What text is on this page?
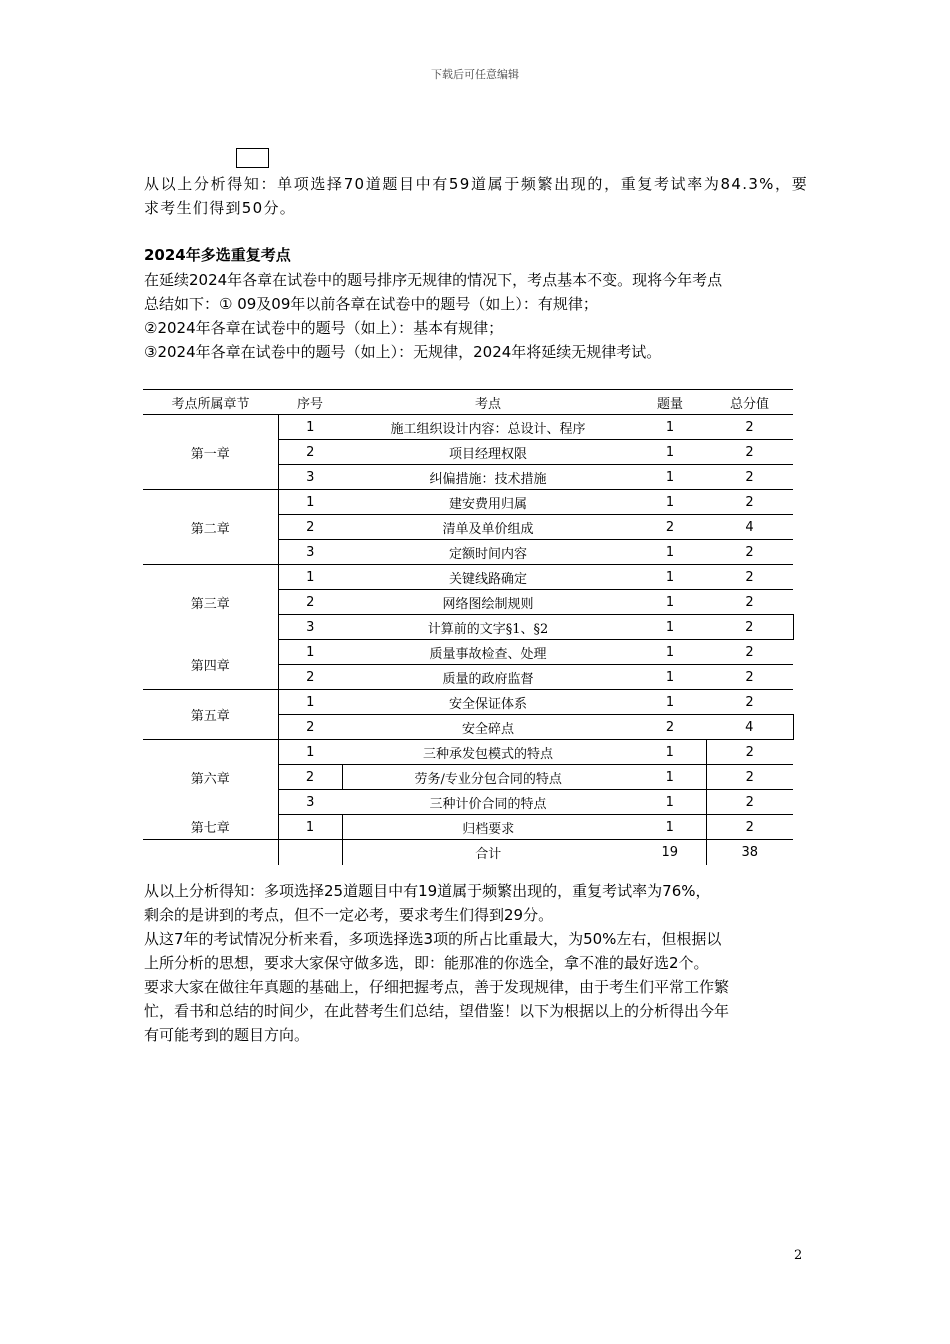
下载后可任意编辑

从以上分析得知：单项选择70道题目中有59道属于频繁出现的，重复考试率为84.3%，要求考生们得到50分。

2024年多选重复考点
在延续2024年各章在试卷中的题号排序无规律的情况下，考点基本不变。现将今年考点
总结如下：① 09及09年以前各章在试卷中的题号（如上）：有规律；
②2024年各章在试卷中的题号（如上）：基本有规律；
③2024年各章在试卷中的题号（如上）：无规律，2024年将延续无规律考试。
考点所属章节	序号	考点	题量	总分值
第一章	1	施工组织设计内容：总设计、程序	1	2
	2	项目经理权限	1	2
	3	纠偏措施：技术措施	1	2
第二章	1	建安费用归属	1	2
	2	清单及单价组成	2	4
	3	定额时间内容	1	2
第三章	1	关键线路确定	1	2
	2	网络图绘制规则	1	2
	3	计算前的文字§1、§2	1	2
第四章	1	质量事故检查、处理	1	2
	2	质量的政府监督	1	2
第五章	1	安全保证体系	1	2
	2	安全碎点	2	4
第六章	1	三种承发包模式的特点	1	2
	2	劳务/专业分包合同的特点	1	2
	3	三种计价合同的特点	1	2
第七章	1	归档要求	1	2
		合计	19	38
从以上分析得知：多项选择25道题目中有19道属于频繁出现的，重复考试率为76%，
剩余的是讲到的考点，但不一定必考，要求考生们得到29分。
从这7年的考试情况分析来看，多项选择选3项的所占比重最大，为50%左右，但根据以
上所分析的思想，要求大家保守做多选，即：能那准的你选全，拿不准的最好选2个。
要求大家在做往年真题的基础上，仔细把握考点，善于发现规律，由于考生们平常工作繁
忙，看书和总结的时间少，在此替考生们总结，望借鉴！以下为根据以上的分析得出今年
有可能考到的题目方向。
2
